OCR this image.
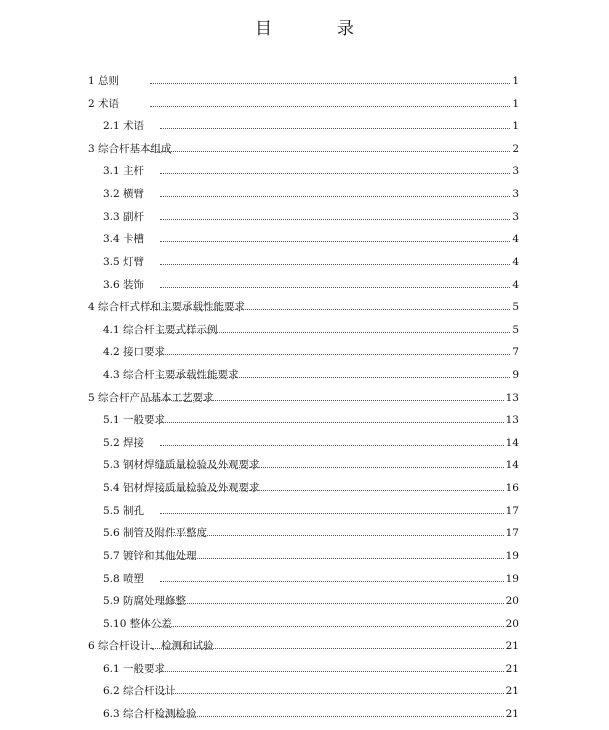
目　录
1 总则	1
2 术语	1
2.1 术语	1
3 综合杆基本组成	2
3.1 主杆	3
3.2 横臂	3
3.3 副杆	3
3.4 卡槽	4
3.5 灯臂	4
3.6 装饰	4
4 综合杆式样和主要承载性能要求	5
4.1 综合杆主要式样示例	5
4.2 接口要求	7
4.3 综合杆主要承载性能要求	9
5 综合杆产品基本工艺要求	13
5.1 一般要求	13
5.2 焊接	14
5.3 钢材焊缝质量检验及外观要求	14
5.4 铝材焊接质量检验及外观要求	16
5.5 制孔	17
5.6 制管及附件平整度	17
5.7 镀锌和其他处理	19
5.8 喷塑	19
5.9 防腐处理修整	20
5.10 整体公差	20
6 综合杆设计、检测和试验	21
6.1 一般要求	21
6.2 综合杆设计	21
6.3 综合杆检测检验	21
